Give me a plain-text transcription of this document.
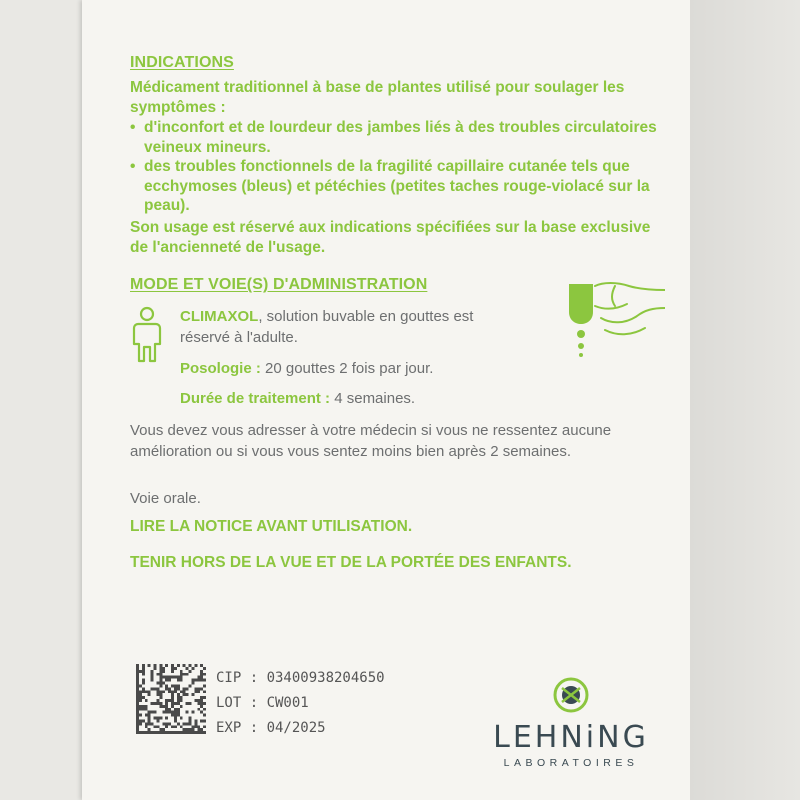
INDICATIONS
Médicament traditionnel à base de plantes utilisé pour soulager les symptômes :
• d'inconfort et de lourdeur des jambes liés à des troubles circulatoires veineux mineurs.
• des troubles fonctionnels de la fragilité capillaire cutanée tels que ecchymoses (bleus) et pétéchies (petites taches rouge-violacé sur la peau).
Son usage est réservé aux indications spécifiées sur la base exclusive de l'ancienneté de l'usage.
MODE ET VOIE(S) D'ADMINISTRATION
CLIMAXOL, solution buvable en gouttes est réservé à l'adulte.
Posologie : 20 gouttes 2 fois par jour.
Durée de traitement : 4 semaines.
Vous devez vous adresser à votre médecin si vous ne ressentez aucune amélioration ou si vous vous sentez moins bien après 2 semaines.
Voie orale.
LIRE LA NOTICE AVANT UTILISATION.
TENIR HORS DE LA VUE ET DE LA PORTÉE DES ENFANTS.
CIP : 03400938204650
LOT : CW001
EXP : 04/2025	LEHNiNG
LABORATOIRES
